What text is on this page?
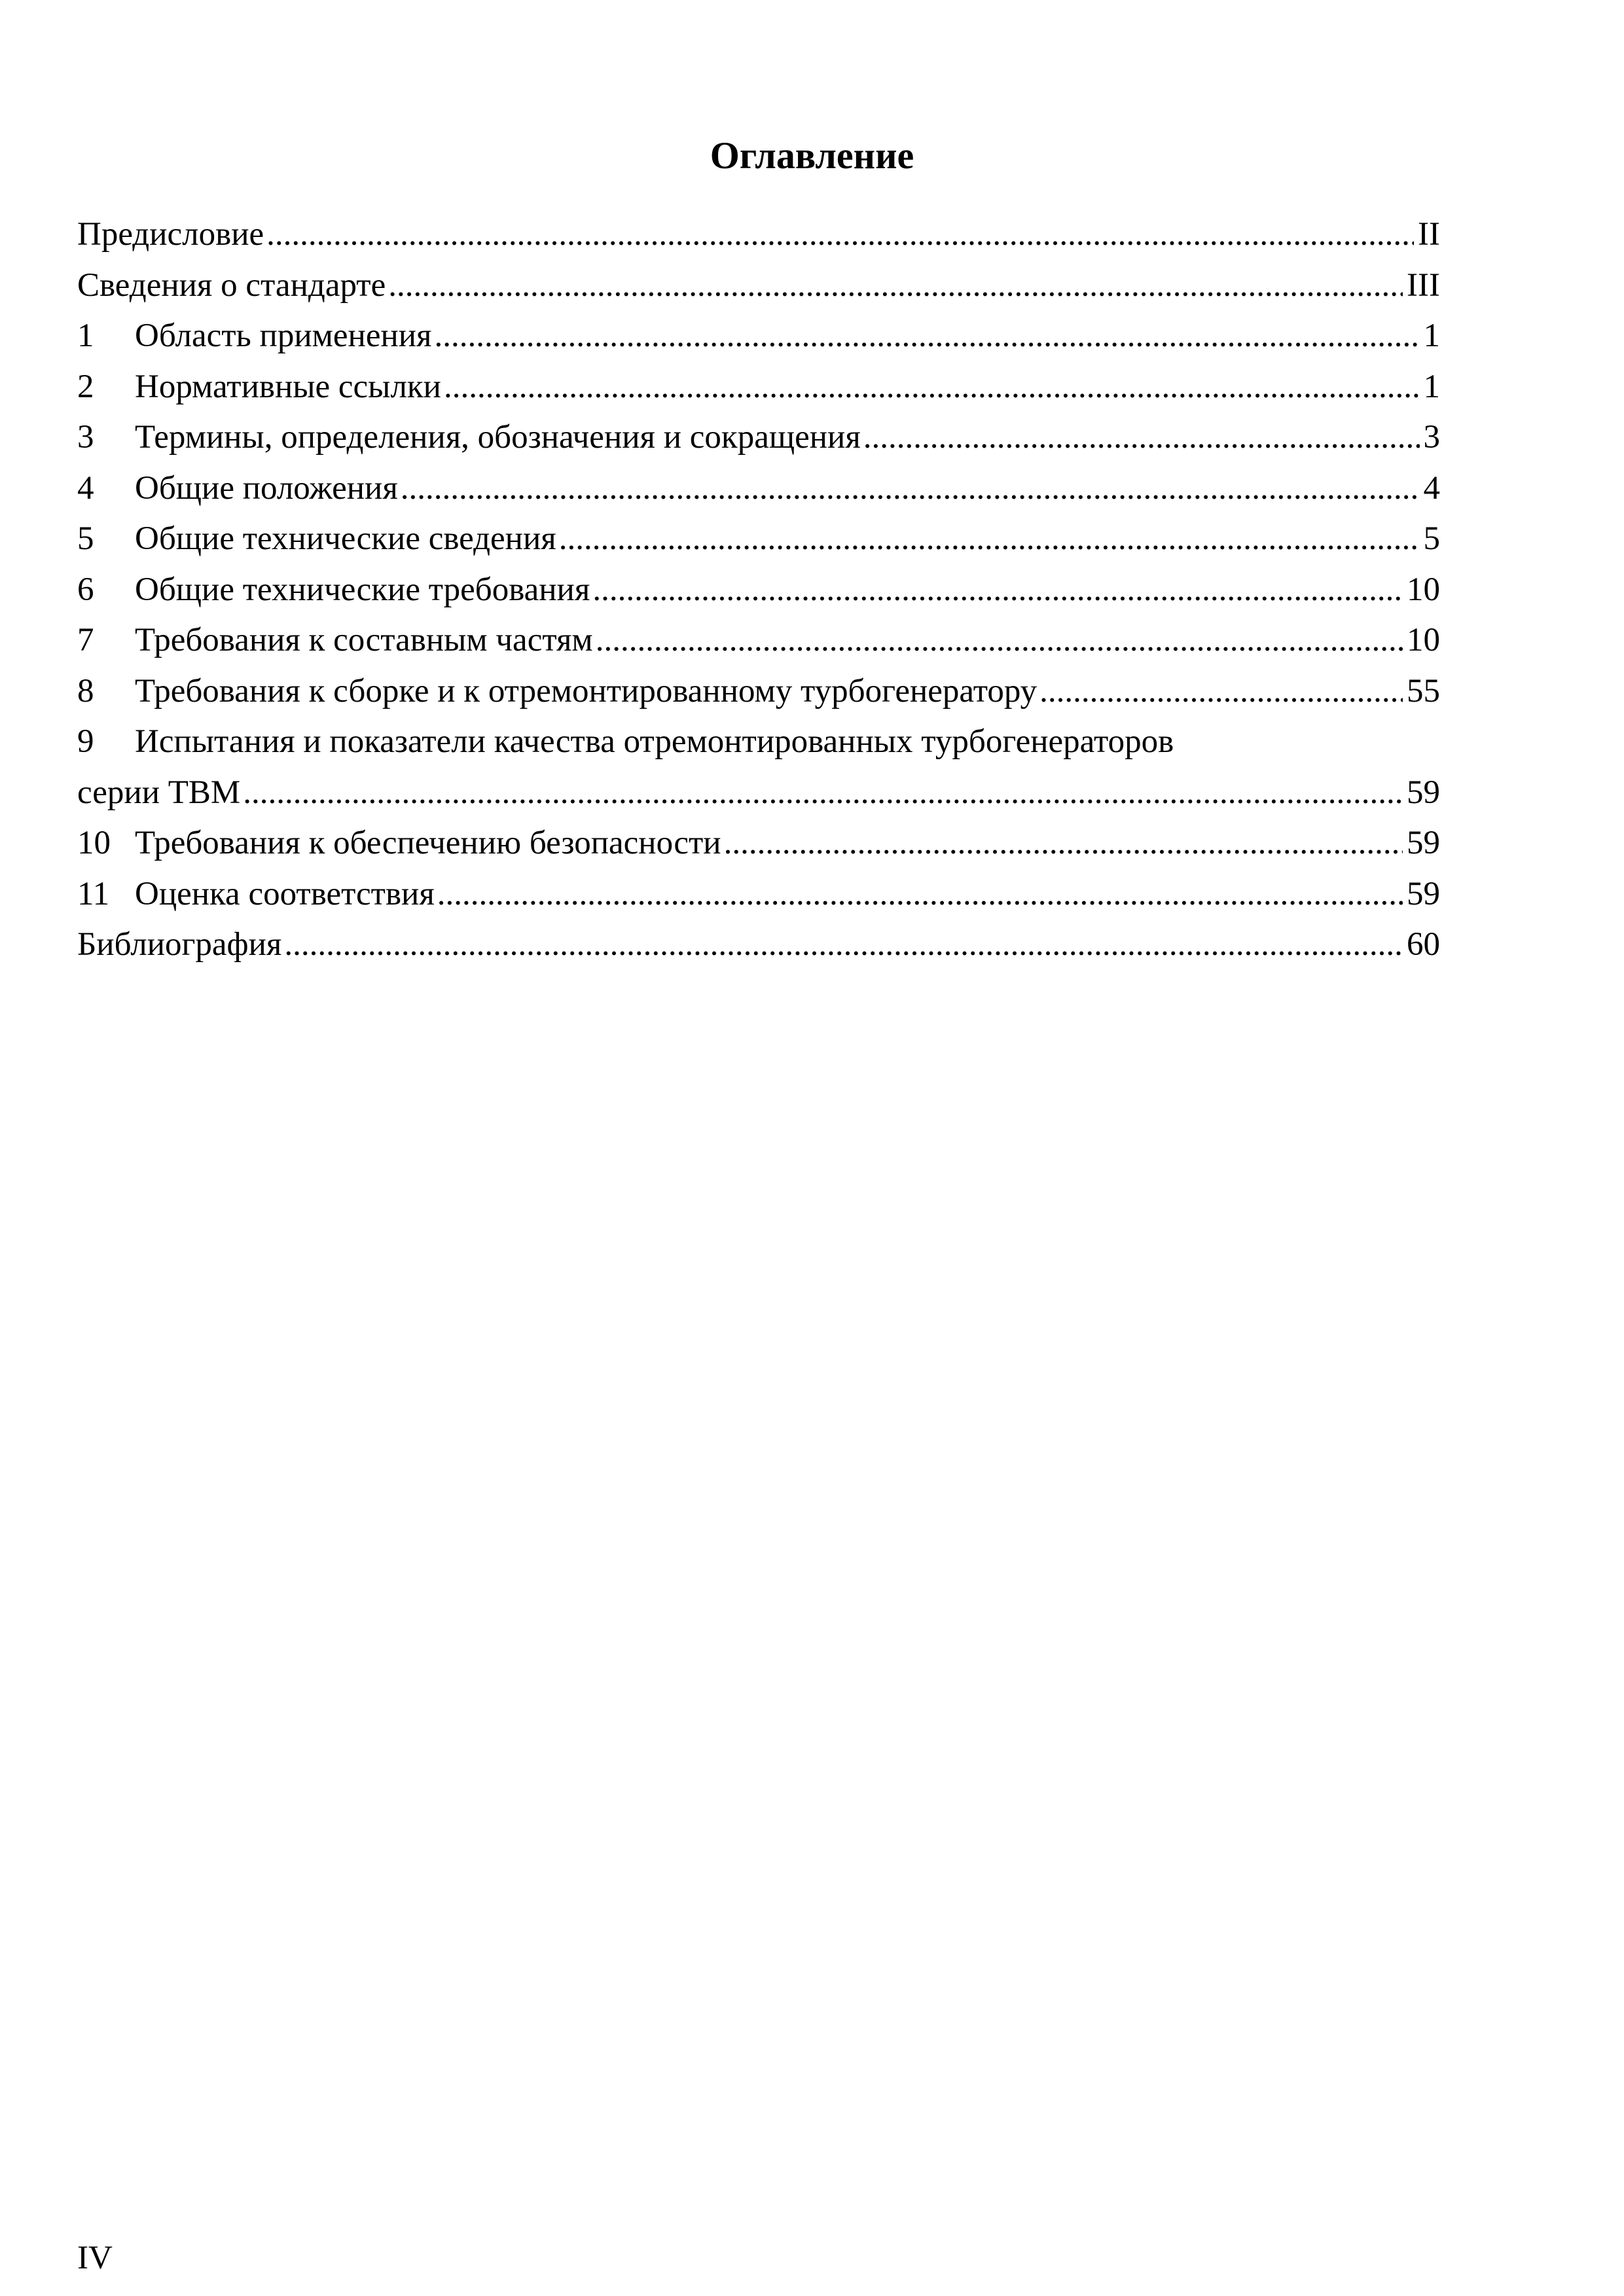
Оглавление
Предисловие .....	II
Сведения о стандарте .....	III
1	Область применения .....	1
2	Нормативные ссылки .....	1
3	Термины, определения, обозначения и сокращения .....	3
4	Общие положения .....	4
5	Общие технические сведения .....	5
6	Общие технические требования .....	10
7	Требования к составным частям .....	10
8	Требования к сборке и к отремонтированному турбогенератору .....	55
9	Испытания и показатели качества отремонтированных турбогенераторов
серии ТВМ .....	59
10 Требования к обеспечению безопасности .....	59
11 Оценка соответствия .....	59
Библиография .....	60
IV
